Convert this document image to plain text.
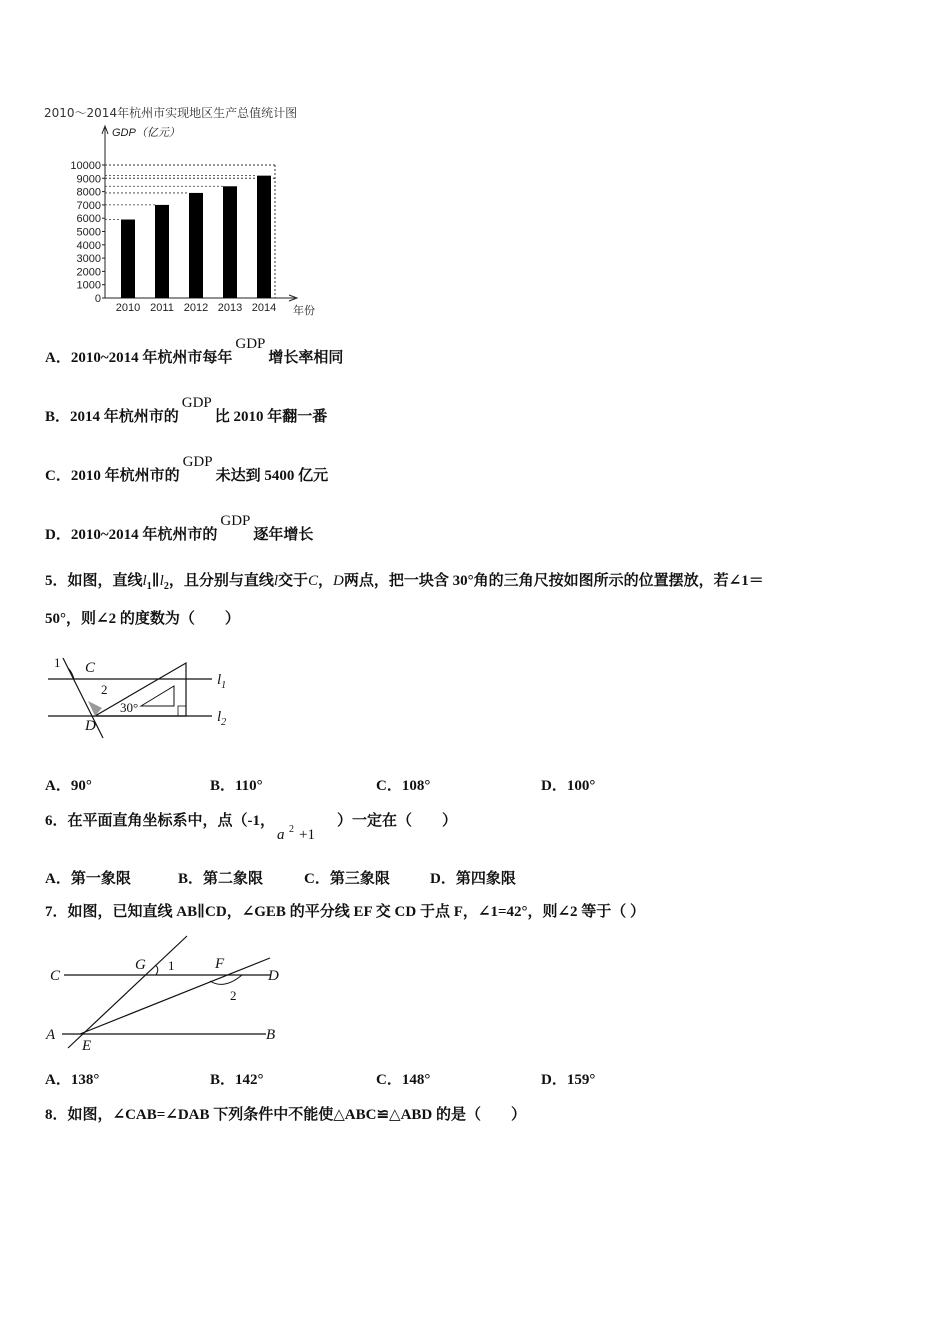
2010～2014年杭州市实现地区生产总值统计图
GDP（亿元）
0
1000
2000
3000
4000
5000
6000
7000
8000
9000
10000
2010 2011 2012 2013 2014 年份
A．2010~2014 年杭州市每年GDP增长率相同
B．2014 年杭州市的GDP比 2010 年翻一番
C．2010 年杭州市的GDP未达到 5400 亿元
D．2010~2014 年杭州市的GDP逐年增长
5．如图，直线$l_1\parallel l_2$，且分别与直线l交于C，D两点，把一块含 30°角的三角尺按如图所示的位置摆放，若∠1＝
50°，则∠2 的度数为（　　）
1 C
2
D
30°
$l_1$
$l_2$
A．90°	B．110°	C．108°	D．100°
6．在平面直角坐标系中，点（-1，
a 2 +1
）一定在（　　）
A．第一象限	B．第二象限	C．第三象限	D．第四象限
7．如图，已知直线 AB∥CD，∠GEB 的平分线 EF 交 CD 于点 F，∠1=42°，则∠2 等于（ ）
C
G 1	F
D
2
A
E
B
A．138°	B．142°	C．148°	D．159°
8．如图，∠CAB=∠DAB 下列条件中不能使△ABC≌△ABD 的是（　　）
